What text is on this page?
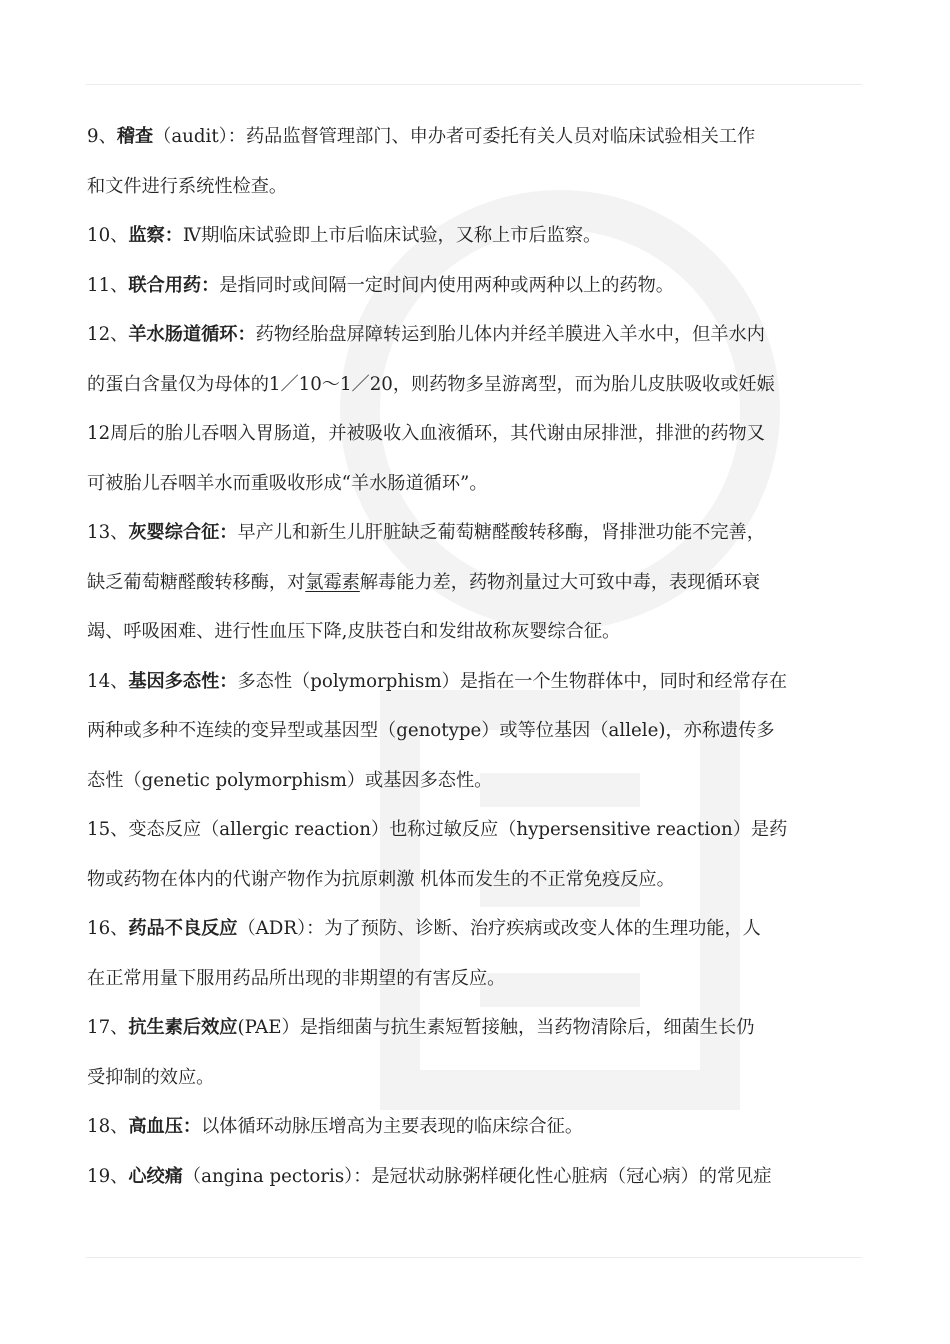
9、稽查（audit）：药品监督管理部门、申办者可委托有关人员对临床试验相关工作
和文件进行系统性检查。
10、监察：Ⅳ期临床试验即上市后临床试验，又称上市后监察。
11、联合用药：是指同时或间隔一定时间内使用两种或两种以上的药物。
12、羊水肠道循环：药物经胎盘屏障转运到胎儿体内并经羊膜进入羊水中，但羊水内
的蛋白含量仅为母体的1／10～1／20，则药物多呈游离型，而为胎儿皮肤吸收或妊娠
12周后的胎儿吞咽入胃肠道，并被吸收入血液循环，其代谢由尿排泄，排泄的药物又
可被胎儿吞咽羊水而重吸收形成“羊水肠道循环”。
13、灰婴综合征：早产儿和新生儿肝脏缺乏葡萄糖醛酸转移酶，肾排泄功能不完善，
缺乏葡萄糖醛酸转移酶，对氯霉素解毒能力差，药物剂量过大可致中毒，表现循环衰
竭、呼吸困难、进行性血压下降,皮肤苍白和发绀故称灰婴综合征。
14、基因多态性：多态性（polymorphism）是指在一个生物群体中，同时和经常存在
两种或多种不连续的变异型或基因型（genotype）或等位基因（allele)，亦称遗传多
态性（genetic polymorphism）或基因多态性。
15、变态反应（allergic reaction）也称过敏反应（hypersensitive reaction）是药
物或药物在体内的代谢产物作为抗原刺激 机体而发生的不正常免疫反应。
16、药品不良反应（ADR）：为了预防、诊断、治疗疾病或改变人体的生理功能，人
在正常用量下服用药品所出现的非期望的有害反应。
17、抗生素后效应(PAE）是指细菌与抗生素短暂接触，当药物清除后，细菌生长仍
受抑制的效应。
18、高血压：以体循环动脉压增高为主要表现的临床综合征。
19、心绞痛（angina pectoris）：是冠状动脉粥样硬化性心脏病（冠心病）的常见症
